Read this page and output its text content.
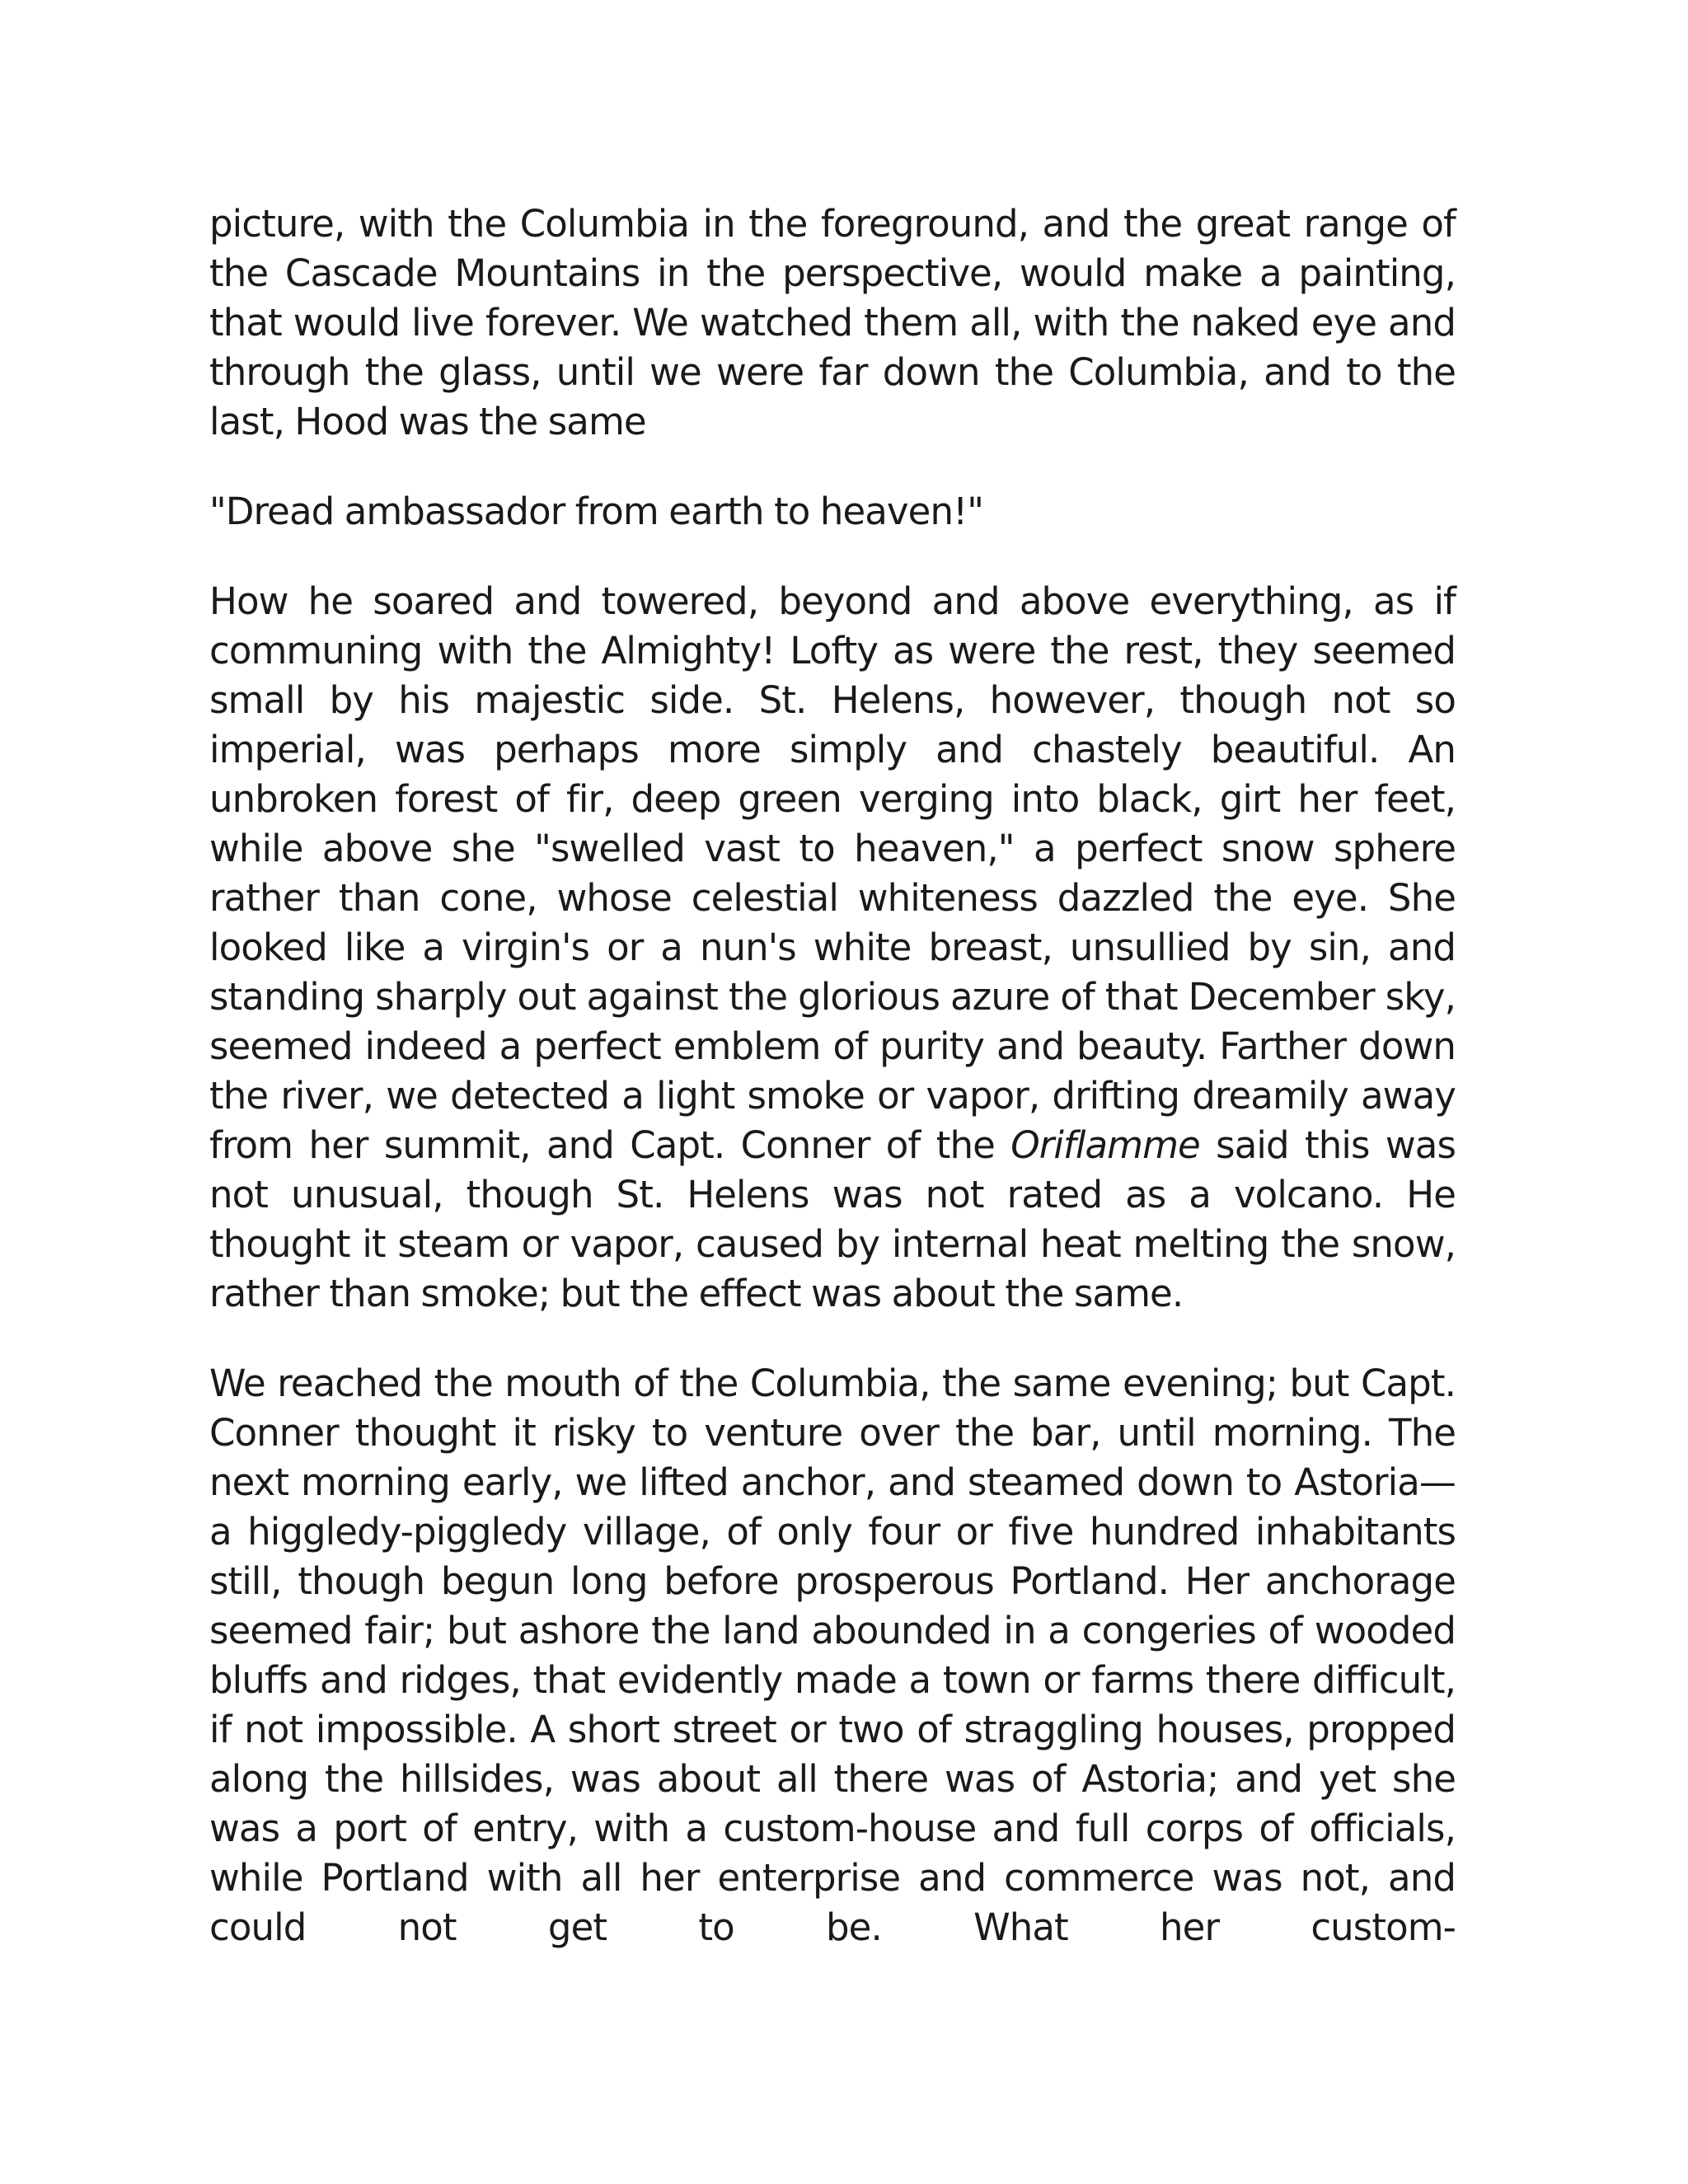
picture, with the Columbia in the foreground, and the great range of the Cascade Mountains in the perspective, would make a painting, that would live forever. We watched them all, with the naked eye and through the glass, until we were far down the Columbia, and to the last, Hood was the same

"Dread ambassador from earth to heaven!"

How he soared and towered, beyond and above everything, as if communing with the Almighty! Lofty as were the rest, they seemed small by his majestic side. St. Helens, however, though not so imperial, was perhaps more simply and chastely beautiful. An unbroken forest of fir, deep green verging into black, girt her feet, while above she "swelled vast to heaven," a perfect snow sphere rather than cone, whose celestial whiteness dazzled the eye. She looked like a virgin's or a nun's white breast, unsullied by sin, and standing sharply out against the glorious azure of that December sky, seemed indeed a perfect emblem of purity and beauty. Farther down the river, we detected a light smoke or vapor, drifting dreamily away from her summit, and Capt. Conner of the Oriflamme said this was not unusual, though St. Helens was not rated as a volcano. He thought it steam or vapor, caused by internal heat melting the snow, rather than smoke; but the effect was about the same.

We reached the mouth of the Columbia, the same evening; but Capt. Conner thought it risky to venture over the bar, until morning. The next morning early, we lifted anchor, and steamed down to Astoria—a higgledy-piggledy village, of only four or five hundred inhabitants still, though begun long before prosperous Portland. Her anchorage seemed fair; but ashore the land abounded in a congeries of wooded bluffs and ridges, that evidently made a town or farms there difficult, if not impossible. A short street or two of straggling houses, propped along the hillsides, was about all there was of Astoria; and yet she was a port of entry, with a custom-house and full corps of officials, while Portland with all her enterprise and commerce was not, and could not get to be. What her custom-
